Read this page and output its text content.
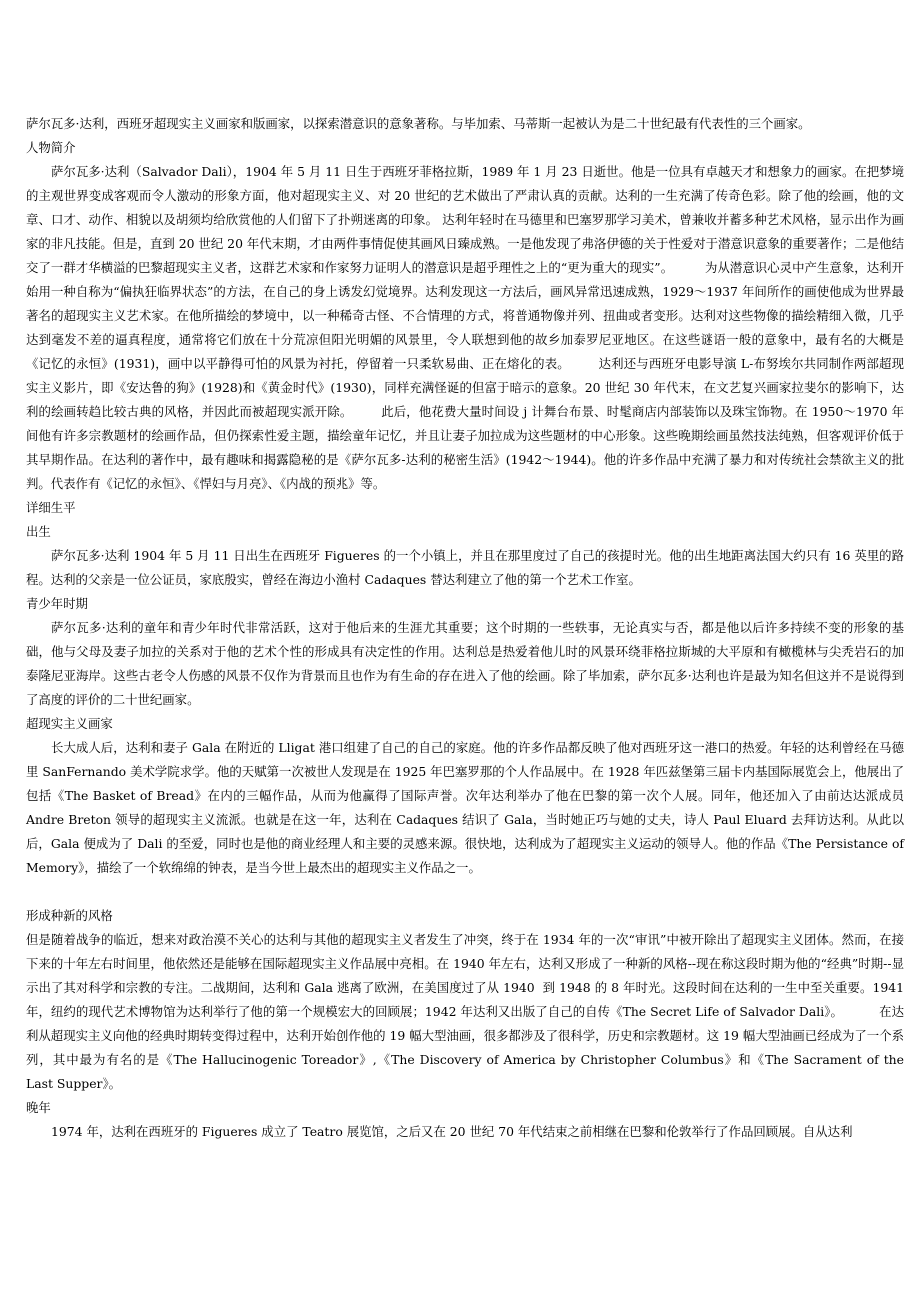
萨尔瓦多·达利，西班牙超现实主义画家和版画家，以探索潜意识的意象著称。与毕加索、马蒂斯一起被认为是二十世纪最有代表性的三个画家。

人物简介

萨尔瓦多·达利（Salvador Dali），1904 年 5 月 11 日生于西班牙菲格拉斯，1989 年 1 月 23 日逝世。他是一位具有卓越天才和想象力的画家。在把梦境的主观世界变成客观而令人激动的形象方面，他对超现实主义、对 20 世纪的艺术做出了严肃认真的贡献。达利的一生充满了传奇色彩。除了他的绘画，他的文章、口才、动作、相貌以及胡须均给欣赏他的人们留下了扑朔迷离的印象。 达利年轻时在马德里和巴塞罗那学习美术，曾兼收并蓄多种艺术风格，显示出作为画家的非凡技能。但是，直到 20 世纪 20 年代末期，才由两件事情促使其画风日臻成熟。一是他发现了弗洛伊德的关于性爱对于潜意识意象的重要著作；二是他结交了一群才华横溢的巴黎超现实主义者，这群艺术家和作家努力证明人的潜意识是超乎理性之上的“更为重大的现实”。        为从潜意识心灵中产生意象，达利开始用一种自称为“偏执狂临界状态”的方法，在自己的身上诱发幻觉境界。达利发现这一方法后，画风异常迅速成熟，1929～1937 年间所作的画使他成为世界最著名的超现实主义艺术家。在他所描绘的梦境中，以一种稀奇古怪、不合情理的方式，将普通物像并列、扭曲或者变形。达利对这些物像的描绘精细入微，几乎达到毫发不差的逼真程度，通常将它们放在十分荒凉但阳光明媚的风景里，令人联想到他的故乡加泰罗尼亚地区。在这些谜语一般的意象中，最有名的大概是《记忆的永恒》(1931)，画中以平静得可怕的风景为衬托，停留着一只柔软易曲、正在熔化的表。       达利还与西班牙电影导演 L-布努埃尔共同制作两部超现实主义影片，即《安达鲁的狗》(1928)和《黄金时代》(1930)，同样充满怪诞的但富于暗示的意象。20 世纪 30 年代末，在文艺复兴画家拉斐尔的影响下，达利的绘画转趋比较古典的风格，并因此而被超现实派开除。       此后，他花费大量时间设 j 计舞台布景、时髦商店内部装饰以及珠宝饰物。在 1950～1970 年间他有许多宗教题材的绘画作品，但仍探索性爱主题，描绘童年记忆，并且让妻子加拉成为这些题材的中心形象。这些晚期绘画虽然技法纯熟，但客观评价低于其早期作品。在达利的著作中，最有趣味和揭露隐秘的是《萨尔瓦多-达利的秘密生活》(1942～1944)。他的许多作品中充满了暴力和对传统社会禁欲主义的批判。代表作有《记忆的永恒》、《悍妇与月亮》、《内战的预兆》等。

详细生平

出生

萨尔瓦多·达利 1904 年 5 月 11 日出生在西班牙 Figueres 的一个小镇上，并且在那里度过了自己的孩提时光。他的出生地距离法国大约只有 16 英里的路程。达利的父亲是一位公证员，家底殷实，曾经在海边小渔村 Cadaques 替达利建立了他的第一个艺术工作室。

青少年时期

萨尔瓦多·达利的童年和青少年时代非常活跃，这对于他后来的生涯尤其重要；这个时期的一些轶事，无论真实与否，都是他以后许多持续不变的形象的基础，他与父母及妻子加拉的关系对于他的艺术个性的形成具有决定性的作用。达利总是热爱着他儿时的风景环绕菲格拉斯城的大平原和有橄榄林与尖秃岩石的加泰隆尼亚海岸。这些古老令人伤感的风景不仅作为背景而且也作为有生命的存在进入了他的绘画。除了毕加索，萨尔瓦多·达利也许是最为知名但这并不是说得到了高度的评价的二十世纪画家。

超现实主义画家

长大成人后，达利和妻子 Gala 在附近的 Lligat 港口组建了自己的自己的家庭。他的许多作品都反映了他对西班牙这一港口的热爱。年轻的达利曾经在马德里 SanFernando 美术学院求学。他的天赋第一次被世人发现是在 1925 年巴塞罗那的个人作品展中。在 1928 年匹兹堡第三届卡内基国际展览会上，他展出了包括《The Basket of Bread》在内的三幅作品，从而为他赢得了国际声誉。次年达利举办了他在巴黎的第一次个人展。同年，他还加入了由前达达派成员 Andre Breton 领导的超现实主义流派。也就是在这一年，达利在 Cadaques 结识了 Gala，当时她正巧与她的丈夫，诗人 Paul Eluard 去拜访达利。从此以后，Gala 便成为了 Dali 的至爱，同时也是他的商业经理人和主要的灵感来源。很快地，达利成为了超现实主义运动的领导人。他的作品《The Persistance of Memory》，描绘了一个软绵绵的钟表，是当今世上最杰出的超现实主义作品之一。

形成种新的风格

但是随着战争的临近，想来对政治漠不关心的达利与其他的超现实主义者发生了冲突，终于在 1934 年的一次“审讯”中被开除出了超现实主义团体。然而，在接下来的十年左右时间里，他依然还是能够在国际超现实主义作品展中亮相。在 1940 年左右，达利又形成了一种新的风格--现在称这段时期为他的“经典”时期--显示出了其对科学和宗教的专注。二战期间，达利和 Gala 逃离了欧洲，在美国度过了从 1940  到 1948 的 8 年时光。这段时间在达利的一生中至关重要。1941 年，纽约的现代艺术博物馆为达利举行了他的第一个规模宏大的回顾展；1942 年达利又出版了自己的自传《The Secret Life of Salvador Dali》。         在达利从超现实主义向他的经典时期转变得过程中，达利开始创作他的 19 幅大型油画，很多都涉及了很科学，历史和宗教题材。这 19 幅大型油画已经成为了一个系列，其中最为有名的是《The Hallucinogenic Toreador》,《The Discovery of America by Christopher Columbus》和《The Sacrament of the Last Supper》。

晚年

1974 年，达利在西班牙的 Figueres 成立了 Teatro 展览馆，之后又在 20 世纪 70 年代结束之前相继在巴黎和伦敦举行了作品回顾展。自从达利
